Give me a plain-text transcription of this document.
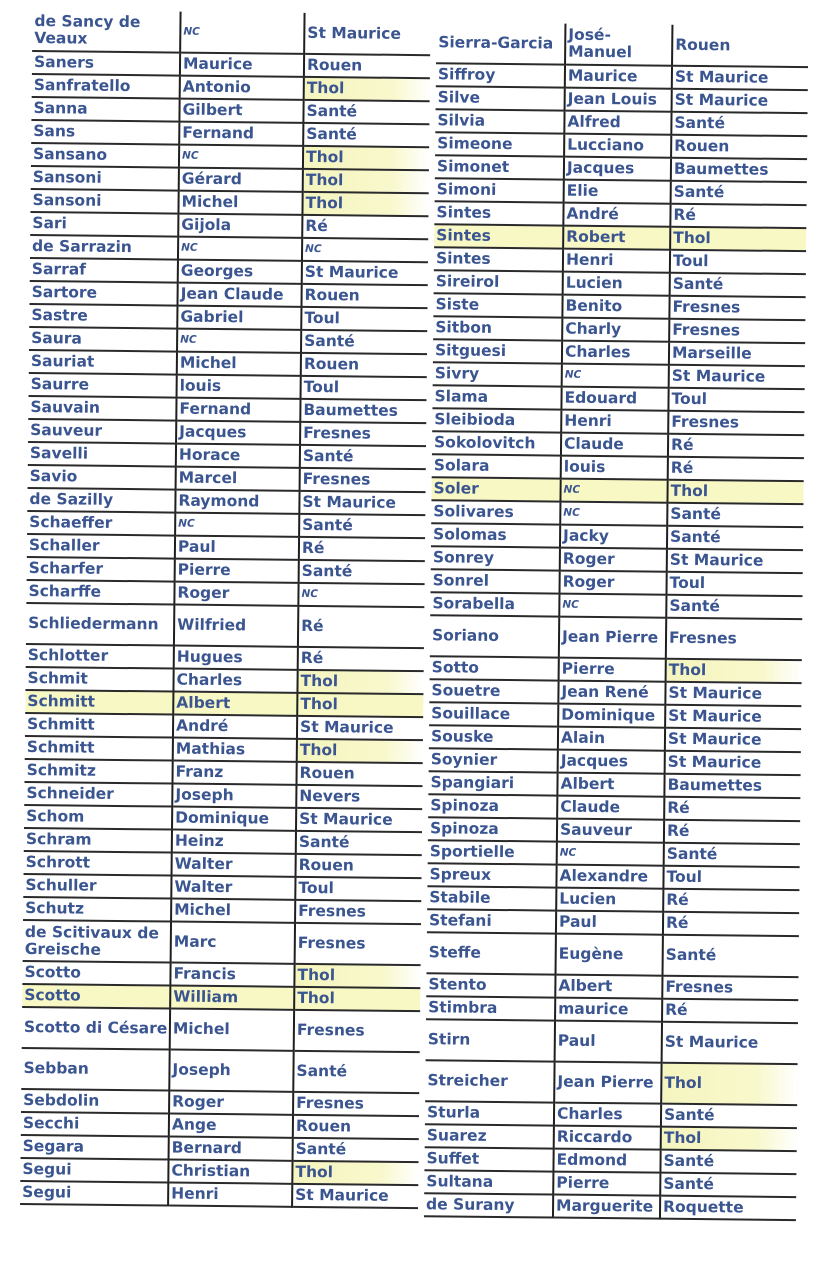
de Sancy de Veaux	NC	St Maurice
Saners	Maurice	Rouen
Sanfratello	Antonio	Thol
Sanna	Gilbert	Santé
Sans	Fernand	Santé
Sansano	NC	Thol
Sansoni	Gérard	Thol
Sansoni	Michel	Thol
Sari	Gijola	Ré
de Sarrazin	NC	NC
Sarraf	Georges	St Maurice
Sartore	Jean Claude	Rouen
Sastre	Gabriel	Toul
Saura	NC	Santé
Sauriat	Michel	Rouen
Saurre	louis	Toul
Sauvain	Fernand	Baumettes
Sauveur	Jacques	Fresnes
Savelli	Horace	Santé
Savio	Marcel	Fresnes
de Sazilly	Raymond	St Maurice
Schaeffer	NC	Santé
Schaller	Paul	Ré
Scharfer	Pierre	Santé
Scharffe	Roger	NC
Schliedermann	Wilfried	Ré
Schlotter	Hugues	Ré
Schmit	Charles	Thol
Schmitt	Albert	Thol
Schmitt	André	St Maurice
Schmitt	Mathias	Thol
Schmitz	Franz	Rouen
Schneider	Joseph	Nevers
Schom	Dominique	St Maurice
Schram	Heinz	Santé
Schrott	Walter	Rouen
Schuller	Walter	Toul
Schutz	Michel	Fresnes
de Scitivaux de Greische	Marc	Fresnes
Scotto	Francis	Thol
Scotto	William	Thol
Scotto di Césare	Michel	Fresnes
Sebban	Joseph	Santé
Sebdolin	Roger	Fresnes
Secchi	Ange	Rouen
Segara	Bernard	Santé
Segui	Christian	Thol
Segui	Henri	St Maurice
Sierra-Garcia	José-Manuel	Rouen
Siffroy	Maurice	St Maurice
Silve	Jean Louis	St Maurice
Silvia	Alfred	Santé
Simeone	Lucciano	Rouen
Simonet	Jacques	Baumettes
Simoni	Elie	Santé
Sintes	André	Ré
Sintes	Robert	Thol
Sintes	Henri	Toul
Sireirol	Lucien	Santé
Siste	Benito	Fresnes
Sitbon	Charly	Fresnes
Sitguesi	Charles	Marseille
Sivry	NC	St Maurice
Slama	Edouard	Toul
Sleibioda	Henri	Fresnes
Sokolovitch	Claude	Ré
Solara	louis	Ré
Soler	NC	Thol
Solivares	NC	Santé
Solomas	Jacky	Santé
Sonrey	Roger	St Maurice
Sonrel	Roger	Toul
Sorabella	NC	Santé
Soriano	Jean Pierre	Fresnes
Sotto	Pierre	Thol
Souetre	Jean René	St Maurice
Souillace	Dominique	St Maurice
Souske	Alain	St Maurice
Soynier	Jacques	St Maurice
Spangiari	Albert	Baumettes
Spinoza	Claude	Ré
Spinoza	Sauveur	Ré
Sportielle	NC	Santé
Spreux	Alexandre	Toul
Stabile	Lucien	Ré
Stefani	Paul	Ré
Steffe	Eugène	Santé
Stento	Albert	Fresnes
Stimbra	maurice	Ré
Stirn	Paul	St Maurice
Streicher	Jean Pierre	Thol
Sturla	Charles	Santé
Suarez	Riccardo	Thol
Suffet	Edmond	Santé
Sultana	Pierre	Santé
de Surany	Marguerite	Roquette
